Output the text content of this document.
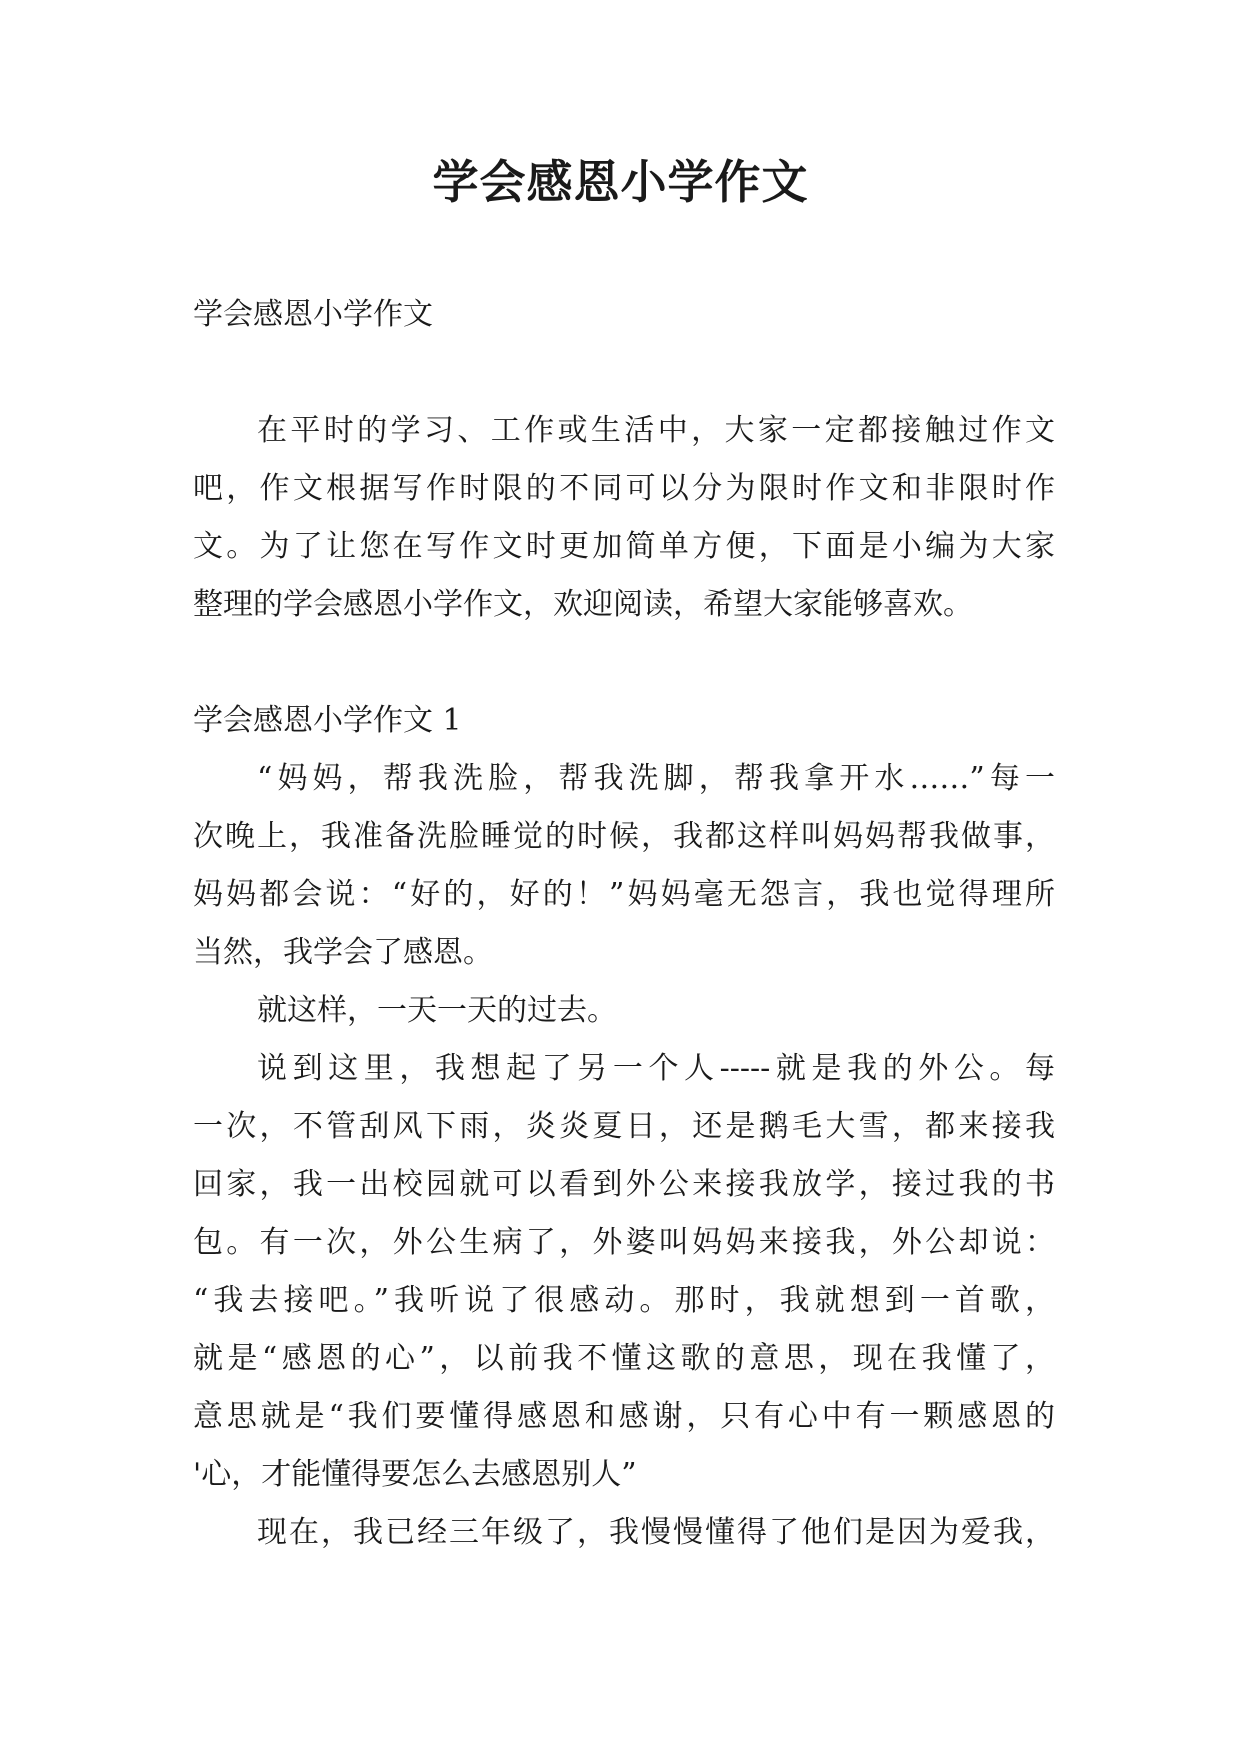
学会感恩小学作文

学会感恩小学作文

在平时的学习、工作或生活中，大家一定都接触过作文
吧，作文根据写作时限的不同可以分为限时作文和非限时作
文。为了让您在写作文时更加简单方便，下面是小编为大家
整理的学会感恩小学作文，欢迎阅读，希望大家能够喜欢。

学会感恩小学作文 1

“妈妈，帮我洗脸，帮我洗脚，帮我拿开水……”每一
次晚上，我准备洗脸睡觉的时候，我都这样叫妈妈帮我做事，
妈妈都会说：“好的，好的！”妈妈毫无怨言，我也觉得理所
当然，我学会了感恩。

就这样，一天一天的过去。

说到这里，我想起了另一个人-----就是我的外公。每
一次，不管刮风下雨，炎炎夏日，还是鹅毛大雪，都来接我
回家，我一出校园就可以看到外公来接我放学，接过我的书
包。有一次，外公生病了，外婆叫妈妈来接我，外公却说：
“我去接吧。”我听说了很感动。那时，我就想到一首歌，
就是“感恩的心”，以前我不懂这歌的意思，现在我懂了，
意思就是“我们要懂得感恩和感谢，只有心中有一颗感恩的
'心，才能懂得要怎么去感恩别人”

现在，我已经三年级了，我慢慢懂得了他们是因为爱我，
